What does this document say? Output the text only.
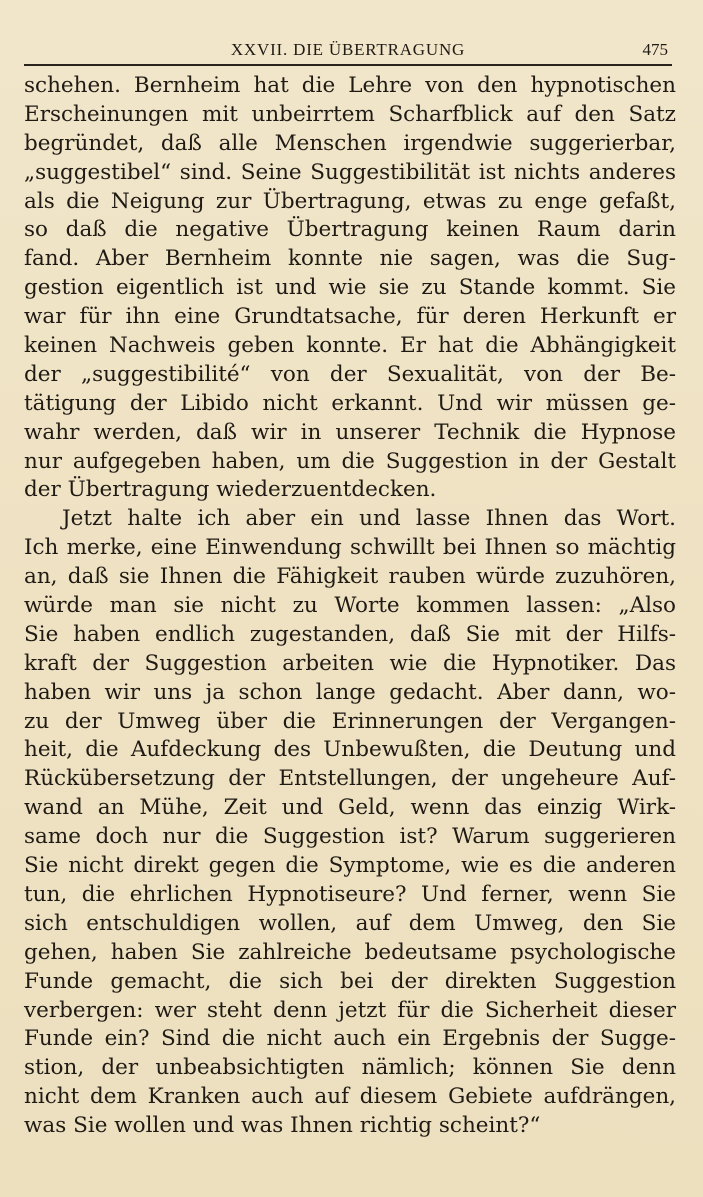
XXVII. DIE ÜBERTRAGUNG	475
schehen. Bernheim hat die Lehre von den hypnotischen
Erscheinungen mit unbeirrtem Scharfblick auf den Satz
begründet, daß alle Menschen irgendwie suggerierbar,
„suggestibel“ sind. Seine Suggestibilität ist nichts anderes
als die Neigung zur Übertragung, etwas zu enge gefaßt,
so daß die negative Übertragung keinen Raum darin
fand. Aber Bernheim konnte nie sagen, was die Sug-
gestion eigentlich ist und wie sie zu Stande kommt. Sie
war für ihn eine Grundtatsache, für deren Herkunft er
keinen Nachweis geben konnte. Er hat die Abhängigkeit
der „suggestibilité“ von der Sexualität, von der Be-
tätigung der Libido nicht erkannt. Und wir müssen ge-
wahr werden, daß wir in unserer Technik die Hypnose
nur aufgegeben haben, um die Suggestion in der Gestalt
der Übertragung wiederzuentdecken.
Jetzt halte ich aber ein und lasse Ihnen das Wort.
Ich merke, eine Einwendung schwillt bei Ihnen so mächtig
an, daß sie Ihnen die Fähigkeit rauben würde zuzuhören,
würde man sie nicht zu Worte kommen lassen: „Also
Sie haben endlich zugestanden, daß Sie mit der Hilfs-
kraft der Suggestion arbeiten wie die Hypnotiker. Das
haben wir uns ja schon lange gedacht. Aber dann, wo-
zu der Umweg über die Erinnerungen der Vergangen-
heit, die Aufdeckung des Unbewußten, die Deutung und
Rückübersetzung der Entstellungen, der ungeheure Auf-
wand an Mühe, Zeit und Geld, wenn das einzig Wirk-
same doch nur die Suggestion ist? Warum suggerieren
Sie nicht direkt gegen die Symptome, wie es die anderen
tun, die ehrlichen Hypnotiseure? Und ferner, wenn Sie
sich entschuldigen wollen, auf dem Umweg, den Sie
gehen, haben Sie zahlreiche bedeutsame psychologische
Funde gemacht, die sich bei der direkten Suggestion
verbergen: wer steht denn jetzt für die Sicherheit dieser
Funde ein? Sind die nicht auch ein Ergebnis der Sugge-
stion, der unbeabsichtigten nämlich; können Sie denn
nicht dem Kranken auch auf diesem Gebiete aufdrängen,
was Sie wollen und was Ihnen richtig scheint?“
